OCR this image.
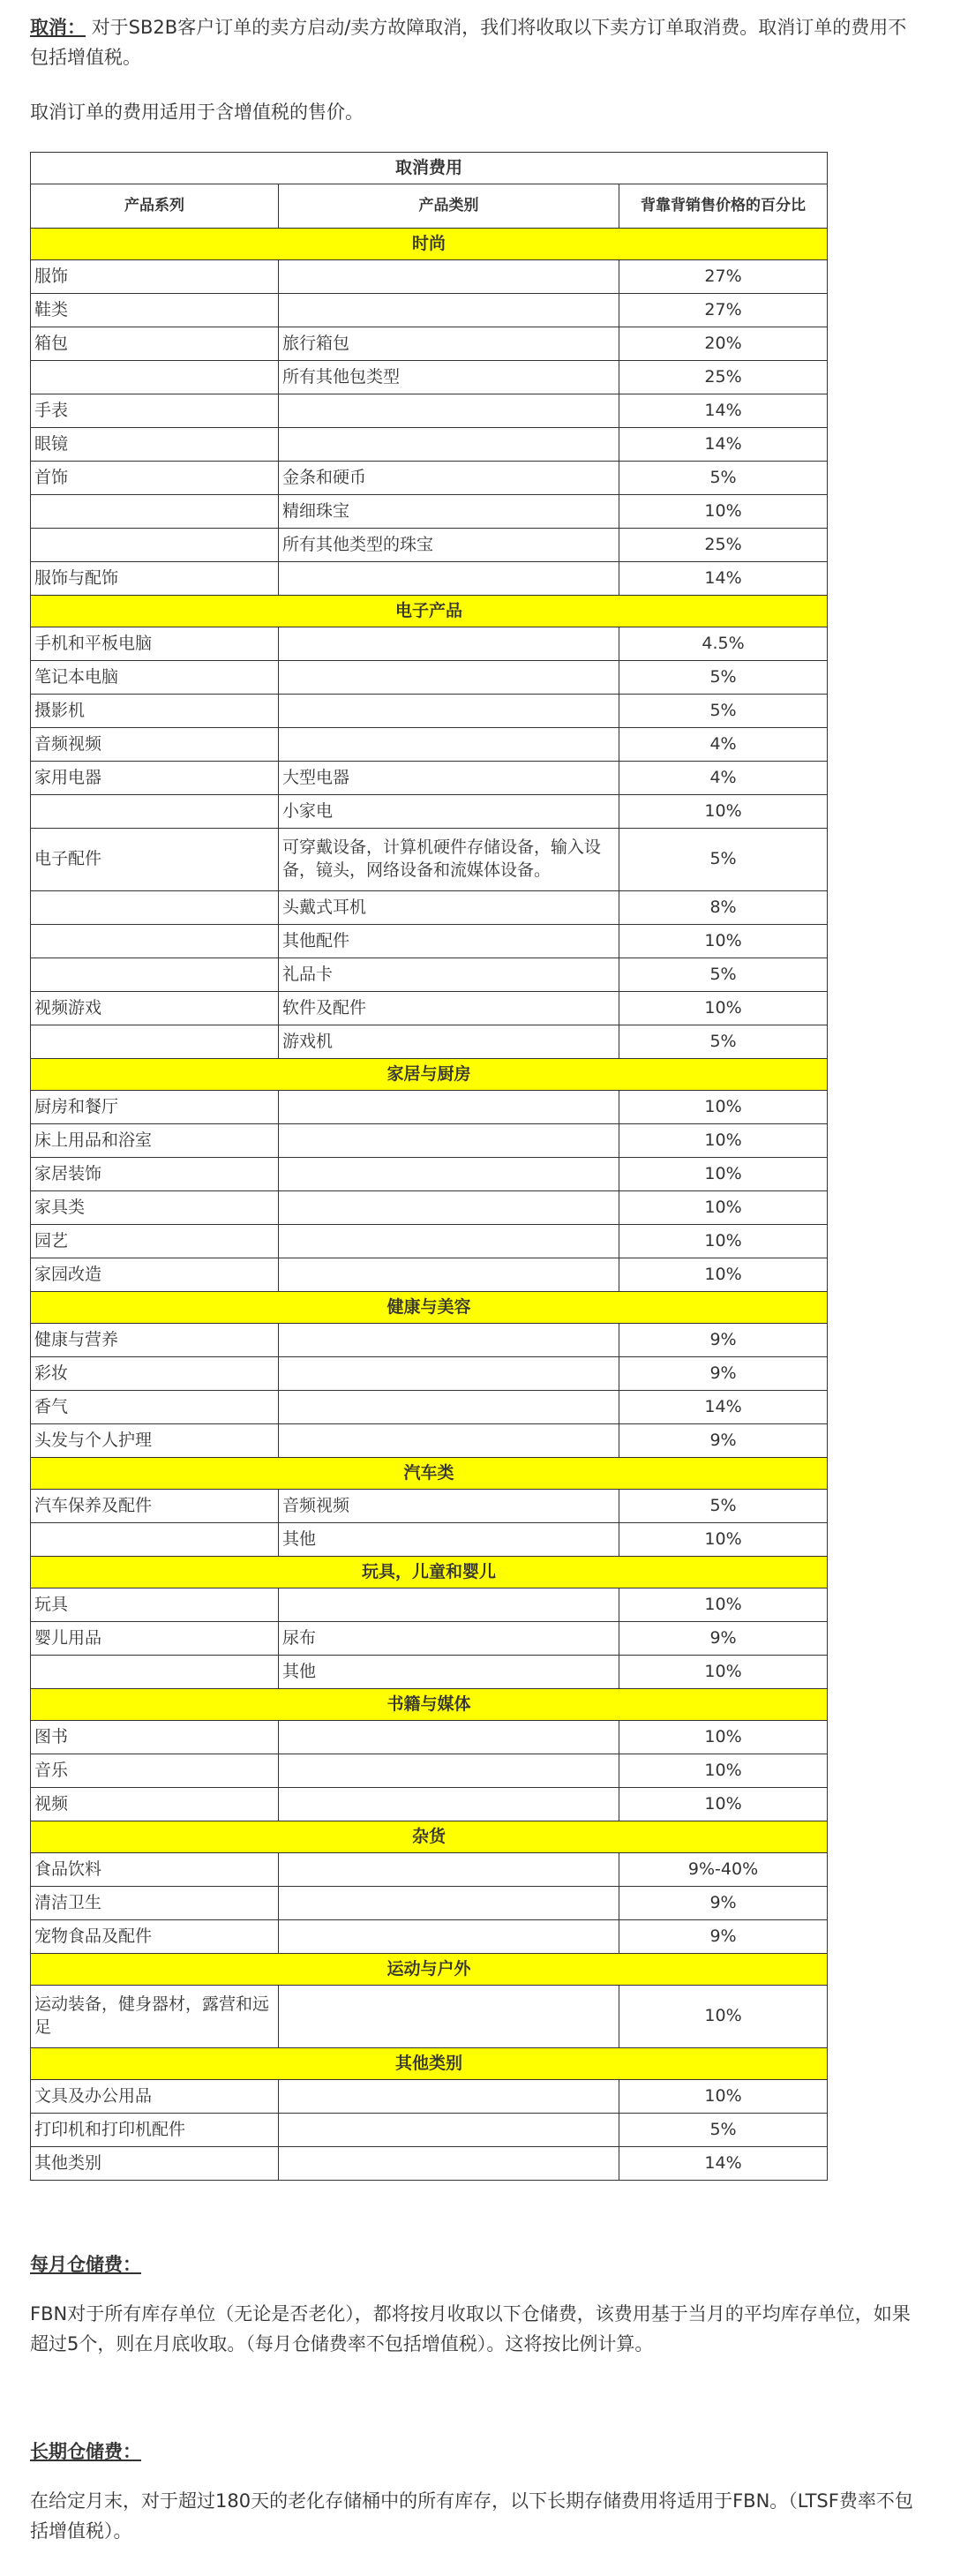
取消： 对于SB2B客户订单的卖方启动/卖方故障取消，我们将收取以下卖方订单取消费。取消订单的费用不包括增值税。

取消订单的费用适用于含增值税的售价。

取消费用		
产品系列	产品类别	背靠背销售价格的百分比
时尚		
服饰		27%
鞋类		27%
箱包	旅行箱包	20%
	所有其他包类型	25%
手表		14%
眼镜		14%
首饰	金条和硬币	5%
	精细珠宝	10%
	所有其他类型的珠宝	25%
服饰与配饰		14%
电子产品		
手机和平板电脑		4.5%
笔记本电脑		5%
摄影机		5%
音频视频		4%
家用电器	大型电器	4%
	小家电	10%
电子配件	可穿戴设备，计算机硬件存储设备，输入设备，镜头，网络设备和流媒体设备。	5%
	头戴式耳机	8%
	其他配件	10%
	礼品卡	5%
视频游戏	软件及配件	10%
	游戏机	5%
家居与厨房		
厨房和餐厅		10%
床上用品和浴室		10%
家居装饰		10%
家具类		10%
园艺		10%
家园改造		10%
健康与美容		
健康与营养		9%
彩妆		9%
香气		14%
头发与个人护理		9%
汽车类		
汽车保养及配件	音频视频	5%
	其他	10%
玩具，儿童和婴儿		
玩具		10%
婴儿用品	尿布	9%
	其他	10%
书籍与媒体		
图书		10%
音乐		10%
视频		10%
杂货		
食品饮料		9%-40%
清洁卫生		9%
宠物食品及配件		9%
运动与户外		
运动装备，健身器材，露营和远足		10%
其他类别		
文具及办公用品		10%
打印机和打印机配件		5%
其他类别		14%

每月仓储费：

FBN对于所有库存单位（无论是否老化），都将按月收取以下仓储费，该费用基于当月的平均库存单位，如果超过5个，则在月底收取。（每月仓储费率不包括增值税）。这将按比例计算。

长期仓储费：

在给定月末，对于超过180天的老化存储桶中的所有库存，以下长期存储费用将适用于FBN。（LTSF费率不包括增值税）。
